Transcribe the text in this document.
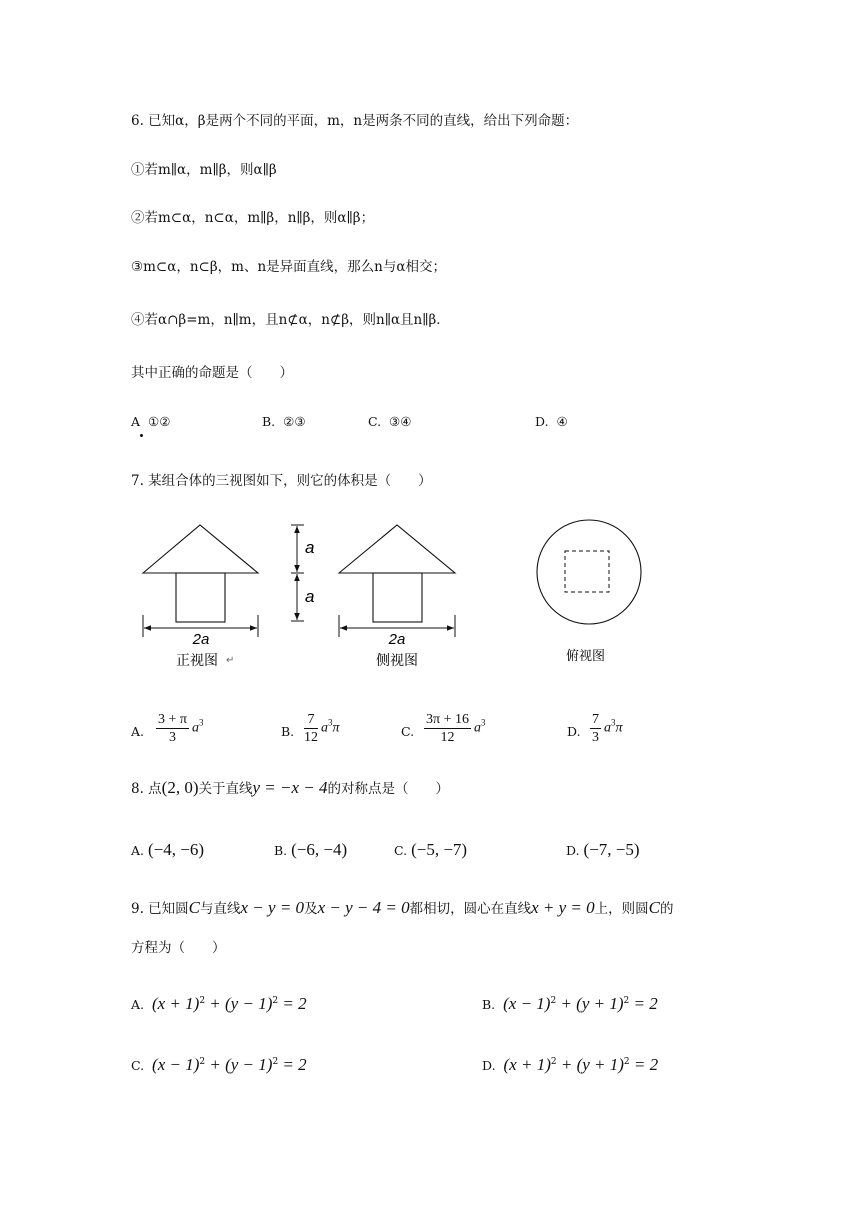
6. 已知α，β是两个不同的平面，m，n是两条不同的直线，给出下列命题：
①若m∥α，m∥β，则α∥β
②若m⊂α，n⊂α，m∥β，n∥β，则α∥β；
③m⊂α，n⊂β，m、n是异面直线，那么n与α相交；
④若α∩β=m，n∥m，且n⊄α，n⊄β，则n∥α且n∥β．
其中正确的命题是（　　）
A ①②	B. ②③	C. ③④	D. ④
7. 某组合体的三视图如下，则它的体积是（　　）
2a
正视图 ↵
a
a
2a
侧视图	俯视图
A. $\frac{3 + \pi}{3} a^3$
B. $\frac{7}{12} a^3\pi$	C. $\frac{3\pi + 16}{12} a^3$
D. $\frac{7}{3} a^3\pi$
8. 点(2, 0)关于直线y = −x − 4的对称点是（　　）
A. (−4, −6)	B. (−6, −4)	C. (−5, −7)	D. (−7, −5)
9. 已知圆C与直线x − y = 0及x − y − 4 = 0都相切，圆心在直线x + y = 0上，则圆C的
方程为（　　）
A. $(x + 1)^2 + (y - 1)^2 = 2$	B. $(x - 1)^2 + (y + 1)^2 = 2$
C. $(x - 1)^2 + (y - 1)^2 = 2$	D. $(x + 1)^2 + (y + 1)^2 = 2$
